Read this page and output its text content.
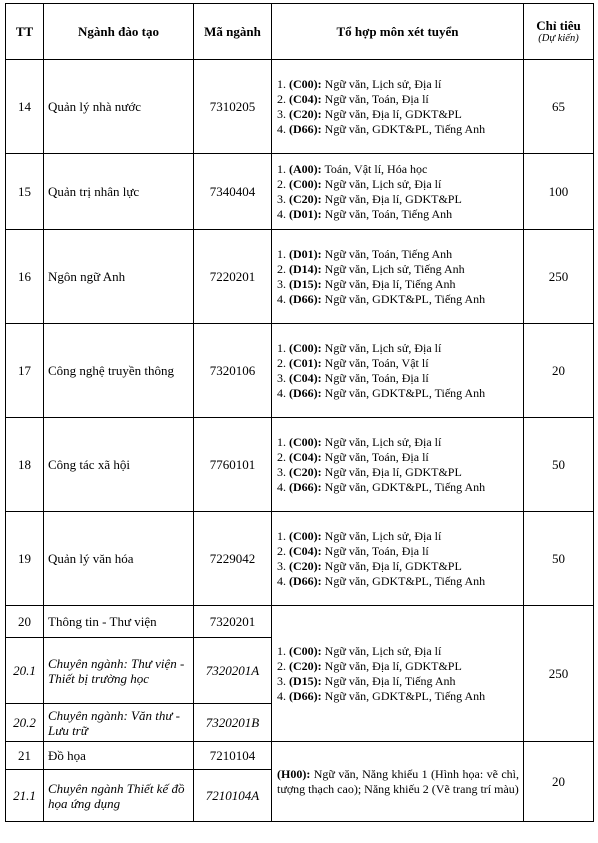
TT	Ngành đào tạo	Mã ngành	Tổ hợp môn xét tuyển	Chỉ tiêu
(Dự kiến)

14	Quản lý nhà nước	7310205	1. (C00): Ngữ văn, Lịch sử, Địa lí
2. (C04): Ngữ văn, Toán, Địa lí
3. (C20): Ngữ văn, Địa lí, GDKT&PL
4. (D66): Ngữ văn, GDKT&PL, Tiếng Anh	65
15	Quản trị nhân lực	7340404	1. (A00): Toán, Vật lí, Hóa học
2. (C00): Ngữ văn, Lịch sử, Địa lí
3. (C20): Ngữ văn, Địa lí, GDKT&PL
4. (D01): Ngữ văn, Toán, Tiếng Anh	100
16	Ngôn ngữ Anh	7220201	1. (D01): Ngữ văn, Toán, Tiếng Anh
2. (D14): Ngữ văn, Lịch sử, Tiếng Anh
3. (D15): Ngữ văn, Địa lí, Tiếng Anh
4. (D66): Ngữ văn, GDKT&PL, Tiếng Anh	250
17	Công nghệ truyền thông	7320106	1. (C00): Ngữ văn, Lịch sử, Địa lí
2. (C01): Ngữ văn, Toán, Vật lí
3. (C04): Ngữ văn, Toán, Địa lí
4. (D66): Ngữ văn, GDKT&PL, Tiếng Anh	20
18	Công tác xã hội	7760101	1. (C00): Ngữ văn, Lịch sử, Địa lí
2. (C04): Ngữ văn, Toán, Địa lí
3. (C20): Ngữ văn, Địa lí, GDKT&PL
4. (D66): Ngữ văn, GDKT&PL, Tiếng Anh	50
19	Quản lý văn hóa	7229042	1. (C00): Ngữ văn, Lịch sử, Địa lí
2. (C04): Ngữ văn, Toán, Địa lí
3. (C20): Ngữ văn, Địa lí, GDKT&PL
4. (D66): Ngữ văn, GDKT&PL, Tiếng Anh	50
20	Thông tin - Thư viện	7320201	1. (C00): Ngữ văn, Lịch sử, Địa lí
2. (C20): Ngữ văn, Địa lí, GDKT&PL
3. (D15): Ngữ văn, Địa lí, Tiếng Anh
4. (D66): Ngữ văn, GDKT&PL, Tiếng Anh	250
20.1	Chuyên ngành: Thư viện - Thiết bị trường học	7320201A		
20.2	Chuyên ngành: Văn thư - Lưu trữ	7320201B		
21	Đồ họa	7210104	(H00): Ngữ văn, Năng khiếu 1 (Hình họa: vẽ chì, tượng thạch cao); Năng khiếu 2 (Vẽ trang trí màu)	20
21.1	Chuyên ngành Thiết kế đồ họa ứng dụng	7210104A		
